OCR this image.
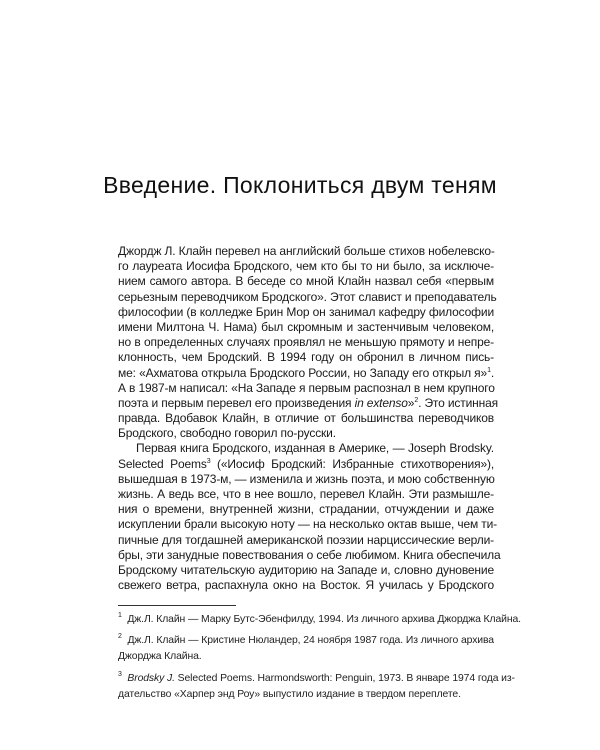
Введение. Поклониться двум теням
Джордж Л. Клайн перевел на английский больше стихов нобелевско-
го лауреата Иосифа Бродского, чем кто бы то ни было, за исключе-
нием самого автора. В беседе со мной Клайн назвал себя «первым
серьезным переводчиком Бродского». Этот славист и преподаватель
философии (в колледже Брин Мор он занимал кафедру философии
имени Милтона Ч. Нама) был скромным и застенчивым человеком,
но в определенных случаях проявлял не меньшую прямоту и непре-
клонность, чем Бродский. В 1994 году он обронил в личном пись-
ме: «Ахматова открыла Бродского России, но Западу его открыл я»$^1$.
А в 1987-м написал: «На Западе я первым распознал в нем крупного
поэта и первым перевел его произведения in extenso»$^2$. Это истинная
правда. Вдобавок Клайн, в отличие от большинства переводчиков
Бродского, свободно говорил по-русски.
Первая книга Бродского, изданная в Америке, — Joseph Brodsky.
Selected Poems$^3$ («Иосиф Бродский: Избранные стихотворения»),
вышедшая в 1973-м, — изменила и жизнь поэта, и мою собственную
жизнь. А ведь все, что в нее вошло, перевел Клайн. Эти размышле-
ния о времени, внутренней жизни, страдании, отчуждении и даже
искуплении брали высокую ноту — на несколько октав выше, чем ти-
пичные для тогдашней американской поэзии нарциссические верли-
бры, эти занудные повествования о себе любимом. Книга обеспечила
Бродскому читательскую аудиторию на Западе и, словно дуновение
свежего ветра, распахнула окно на Восток. Я училась у Бродского
$^1$ Дж.Л. Клайн — Марку Бутс-Эбенфилду, 1994. Из личного архива Джорджа Клайна.
$^2$ Дж.Л. Клайн — Кристине Нюландер, 24 ноября 1987 года. Из личного архива
Джорджа Клайна.
$^3$ Brodsky J. Selected Poems. Harmondsworth: Penguin, 1973. В январе 1974 года из-
дательство «Харпер энд Роу» выпустило издание в твердом переплете.
